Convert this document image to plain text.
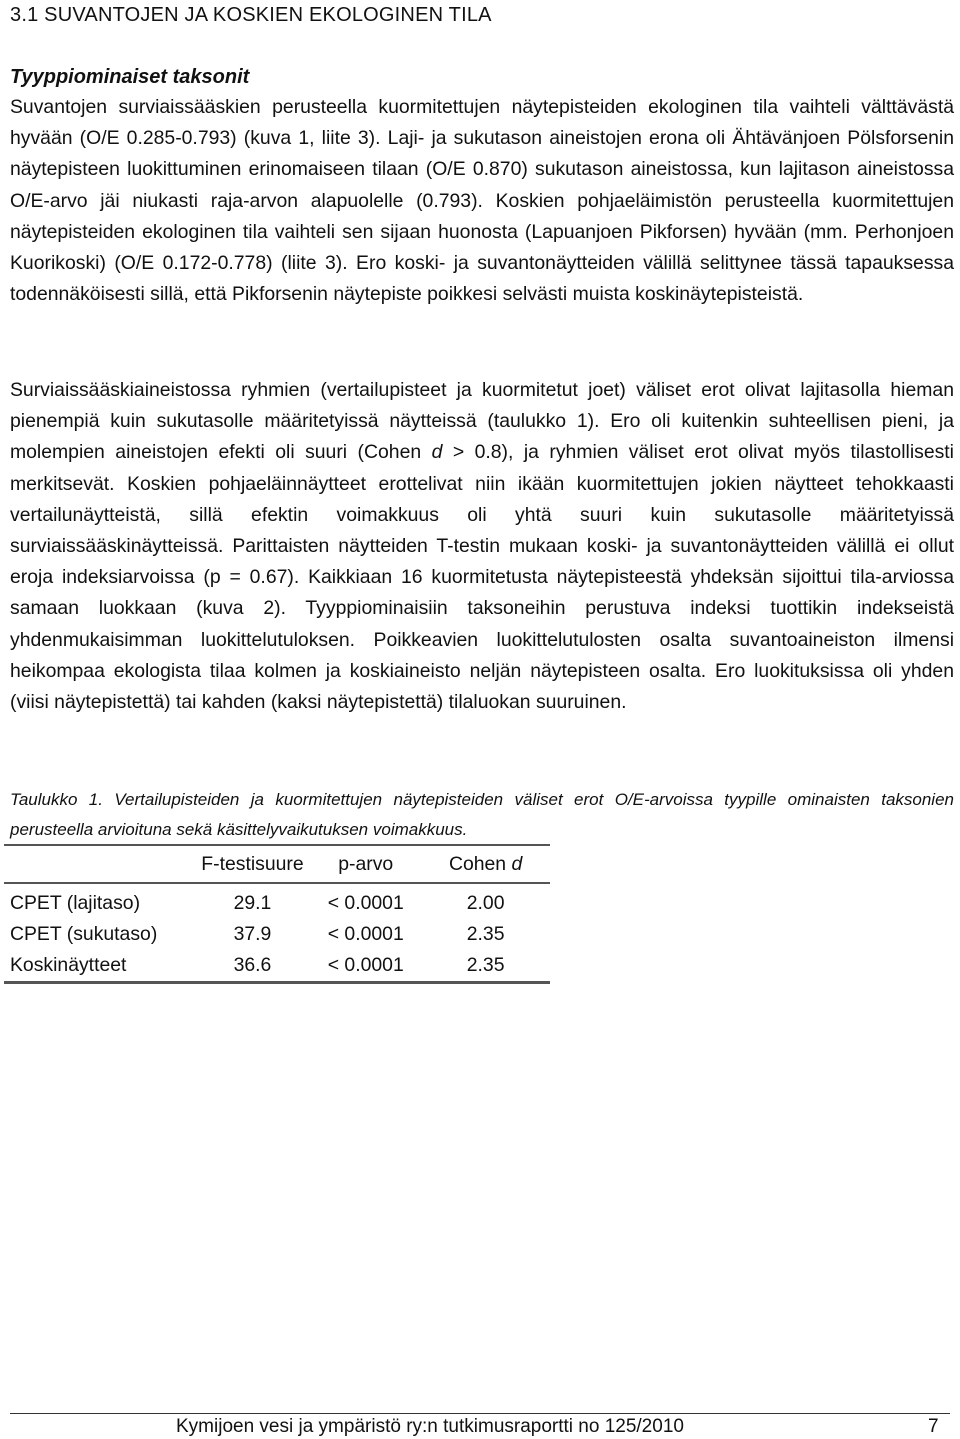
3.1 SUVANTOJEN JA KOSKIEN EKOLOGINEN TILA
Tyyppiominaiset taksonit

Suvantojen surviaissääskien perusteella kuormitettujen näytepisteiden ekologinen tila vaihteli välttävästä hyvään (O/E 0.285-0.793) (kuva 1, liite 3). Laji- ja sukutason aineistojen erona oli Ähtävänjoen Pölsforsenin näytepisteen luokittuminen erinomaiseen tilaan (O/E 0.870) sukutason aineistossa, kun lajitason aineistossa O/E-arvo jäi niukasti raja-arvon alapuolelle (0.793). Koskien pohjaeläimistön perusteella kuormitettujen näytepisteiden ekologinen tila vaihteli sen sijaan huonosta (Lapuanjoen Pikforsen) hyvään (mm. Perhonjoen Kuorikoski) (O/E 0.172-0.778) (liite 3). Ero koski- ja suvantonäytteiden välillä selittynee tässä tapauksessa todennäköisesti sillä, että Pikforsenin näytepiste poikkesi selvästi muista koskinäytepisteistä.

Surviaissääskiaineistossa ryhmien (vertailupisteet ja kuormitetut joet) väliset erot olivat lajitasolla hieman pienempiä kuin sukutasolle määritetyissä näytteissä (taulukko 1). Ero oli kuitenkin suhteellisen pieni, ja molempien aineistojen efekti oli suuri (Cohen d > 0.8), ja ryhmien väliset erot olivat myös tilastollisesti merkitsevät. Koskien pohjaeläinnäytteet erottelivat niin ikään kuormitettujen jokien näytteet tehokkaasti vertailunäytteistä, sillä efektin voimakkuus oli yhtä suuri kuin sukutasolle määritetyissä surviaissääskinäytteissä. Parittaisten näytteiden T-testin mukaan koski- ja suvantonäytteiden välillä ei ollut eroja indeksiarvoissa (p = 0.67). Kaikkiaan 16 kuormitetusta näytepisteestä yhdeksän sijoittui tila-arviossa samaan luokkaan (kuva 2). Tyyppiominaisiin taksoneihin perustuva indeksi tuottikin indekseistä yhdenmukaisimman luokittelutuloksen. Poikkeavien luokittelutulosten osalta suvantoaineiston ilmensi heikompaa ekologista tilaa kolmen ja koskiaineisto neljän näytepisteen osalta. Ero luokituksissa oli yhden (viisi näytepistettä) tai kahden (kaksi näytepistettä) tilaluokan suuruinen.

Taulukko 1. Vertailupisteiden ja kuormitettujen näytepisteiden väliset erot O/E-arvoissa tyypille ominaisten taksonien perusteella arvioituna sekä käsittelyvaikutuksen voimakkuus.

	F-testisuure	p-arvo	Cohen d
CPET (lajitaso)	29.1	< 0.0001	2.00
CPET (sukutaso)	37.9	< 0.0001	2.35
Koskinäytteet	36.6	< 0.0001	2.35
Kymijoen vesi ja ympäristö ry:n tutkimusraportti no 125/2010	7
